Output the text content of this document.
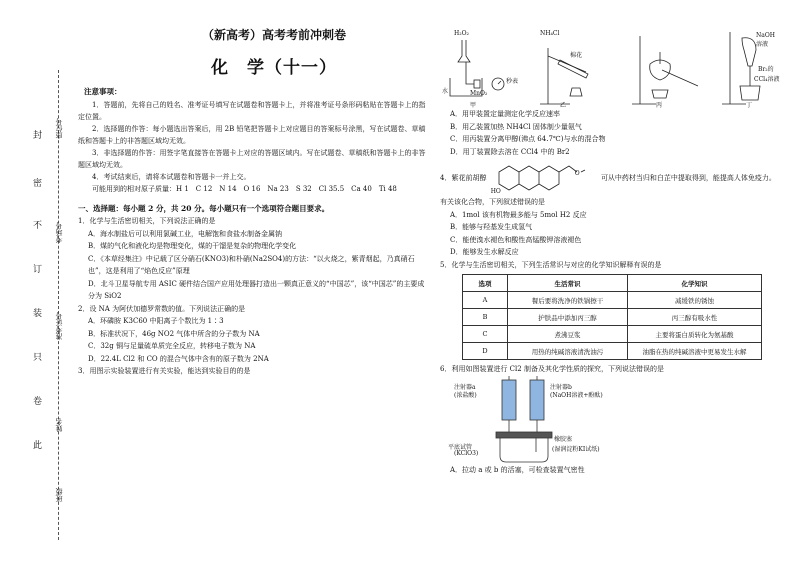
封
密
不
订
装
只
卷
此
座位号
考场号
准考证号
姓名
班级
（新高考）高考考前冲刺卷
化　学（十一）
注意事项：
1．答题前，先将自己的姓名、准考证号填写在试题卷和答题卡上，并将准考证号条形码粘贴在答题卡上的指定位置。
2．选择题的作答：每小题选出答案后，用 2B 铅笔把答题卡上对应题目的答案标号涂黑，写在试题卷、草稿纸和答题卡上的非答题区域均无效。
3．非选择题的作答：用签字笔直接答在答题卡上对应的答题区域内。写在试题卷、草稿纸和答题卡上的非答题区域均无效。
4．考试结束后，请将本试题卷和答题卡一并上交。
可能用到的相对原子质量：H 1　C 12　N 14　O 16　Na 23　S 32　Cl 35.5　Ca 40　Ti 48
一、选择题：每小题 2 分，共 20 分。每小题只有一个选项符合题目要求。
1．化学与生活密切相关，下列说法正确的是
A．海水制盐后可以利用氯碱工业，电解饱和食盐水制备金属钠
B．煤的气化和液化均是物理变化，煤的干馏是复杂的物理化学变化
C．《本草经集注》中记载了区分硝石(KNO3)和朴硝(Na2SO4)的方法：“以火烧之，紫青烟起，乃真硝石也”，这是利用了“焰色反应”原理
D．北斗卫星导航专用 ASIC 硬件结合国产应用处理器打造出一颗真正意义的“中国芯”，该“中国芯”的主要成分为 SiO2
2．设 NA 为阿伏加德罗常数的值。下列说法正确的是
A．环磷胺 K3C60 中阳离子个数比为 1∶3
B．标准状况下，46g NO2 气体中所含的分子数为 NA
C．32g 铜与足量硫单质完全反应，转移电子数为 NA
D．22.4L Cl2 和 CO 的混合气体中含有的原子数为 2NA
3．用图示实验装置进行有关实验，能达到实验目的的是
H₂O₂
水	MnO₂
秒表
甲
NH₄Cl
棉花
乙	丙
NaOH溶液
Br₂的
CCl₄溶液
丁
A．用甲装置定量测定化学反应速率
B．用乙装置加热 NH4Cl 固体制少量氨气
C．用丙装置分离甲醇(沸点 64.7℃)与水的混合物
D．用丁装置除去溶在 CCl4 中的 Br2
4．紫花前胡醇
HO
O
可从中药材当归和白芷中提取得到，能提高人体免疫力。有关该化合物，下列叙述错误的是
A．1mol 该有机物最多能与 5mol H2 反应
B．能够与羟基发生成氢气
C．能使溴水褪色和酸性高锰酸钾溶液褪色
D．能够发生水解反应
5．化学与生活密切相关，下列生活常识与对应的化学知识解释有误的是
选项	生活常识	化学知识
A	餐后要将洗净的铁锅擦干	减缓铁的锈蚀
B	护肤品中添加丙三醇	丙三醇有吸水性
C	煮沸豆浆	主要将蛋白质转化为氨基酸
D	用热的纯碱溶液清洗油污	油脂在热的纯碱溶液中更易发生水解
6．利用如图装置进行 Cl2 制备及其化学性质的探究，下列说法错误的是
注射器a
(浓盐酸)
注射器b
(NaOH溶液+酚酞)
平底试管
(KClO3)
橡胶塞
(湿润淀粉KI试纸)
A．拉动 a 或 b 的活塞，可检查装置气密性
